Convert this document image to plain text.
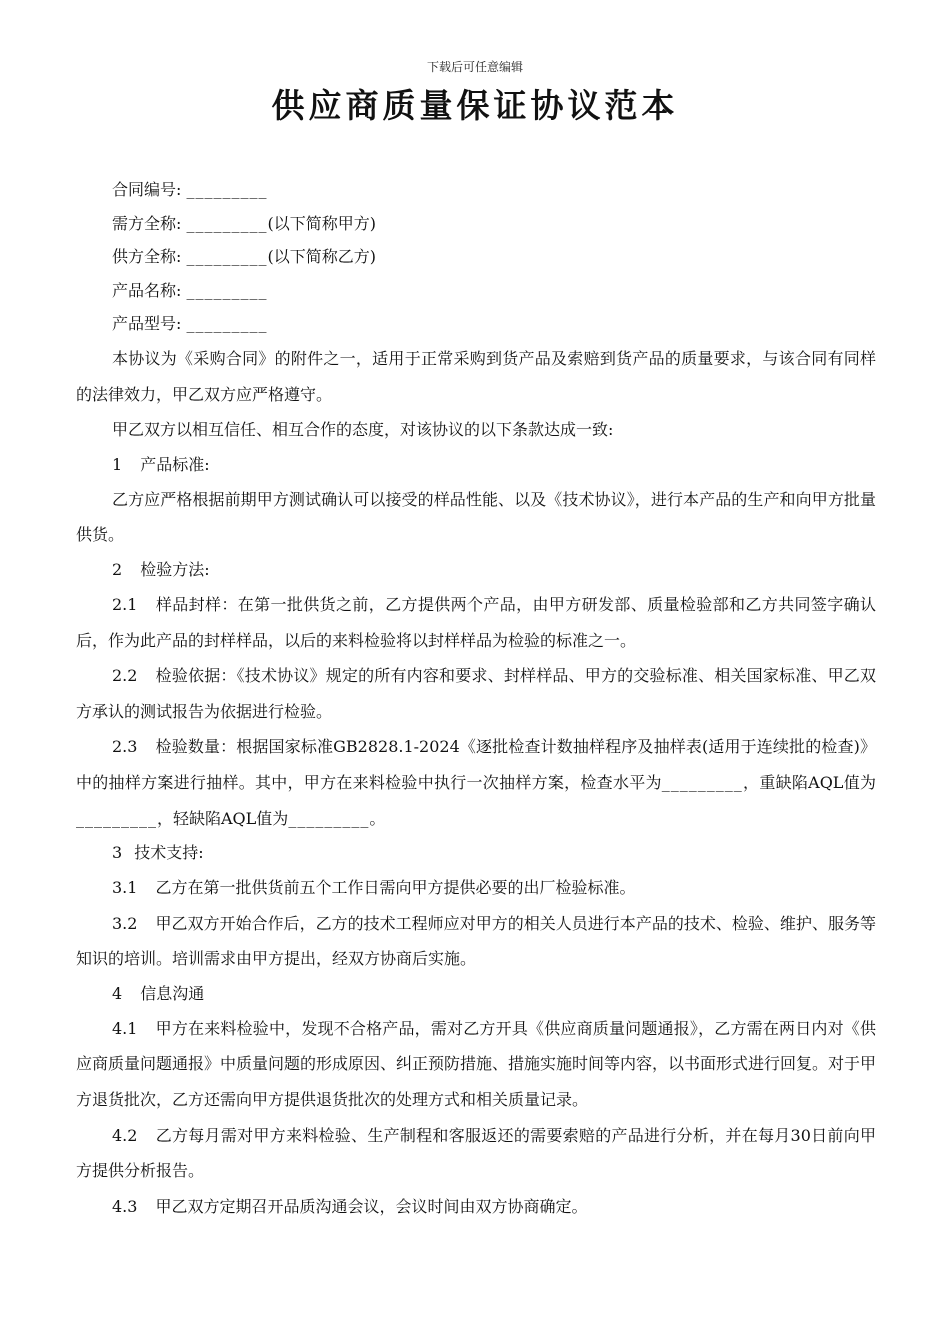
下载后可任意编辑
供应商质量保证协议范本

合同编号: _________

需方全称: _________(以下简称甲方)

供方全称: _________(以下简称乙方)

产品名称: _________

产品型号: _________

本协议为《采购合同》的附件之一，适用于正常采购到货产品及索赔到货产品的质量要求，与该合同有同样的法律效力，甲乙双方应严格遵守。

甲乙双方以相互信任、相互合作的态度，对该协议的以下条款达成一致:

1 产品标准:

乙方应严格根据前期甲方测试确认可以接受的样品性能、以及《技术协议》，进行本产品的生产和向甲方批量供货。

2 检验方法:

2.1 样品封样：在第一批供货之前，乙方提供两个产品，由甲方研发部、质量检验部和乙方共同签字确认后，作为此产品的封样样品，以后的来料检验将以封样样品为检验的标准之一。

2.2 检验依据：《技术协议》规定的所有内容和要求、封样样品、甲方的交验标准、相关国家标准、甲乙双方承认的测试报告为依据进行检验。

2.3 检验数量：根据国家标准GB2828.1-2024《逐批检查计数抽样程序及抽样表(适用于连续批的检查)》中的抽样方案进行抽样。其中，甲方在来料检验中执行一次抽样方案，检查水平为_________，重缺陷AQL值为_________，轻缺陷AQL值为_________。

3 技术支持:

3.1 乙方在第一批供货前五个工作日需向甲方提供必要的出厂检验标准。

3.2 甲乙双方开始合作后，乙方的技术工程师应对甲方的相关人员进行本产品的技术、检验、维护、服务等知识的培训。培训需求由甲方提出，经双方协商后实施。

4 信息沟通

4.1 甲方在来料检验中，发现不合格产品，需对乙方开具《供应商质量问题通报》，乙方需在两日内对《供应商质量问题通报》中质量问题的形成原因、纠正预防措施、措施实施时间等内容，以书面形式进行回复。对于甲方退货批次，乙方还需向甲方提供退货批次的处理方式和相关质量记录。

4.2 乙方每月需对甲方来料检验、生产制程和客服返还的需要索赔的产品进行分析，并在每月30日前向甲方提供分析报告。

4.3 甲乙双方定期召开品质沟通会议，会议时间由双方协商确定。
